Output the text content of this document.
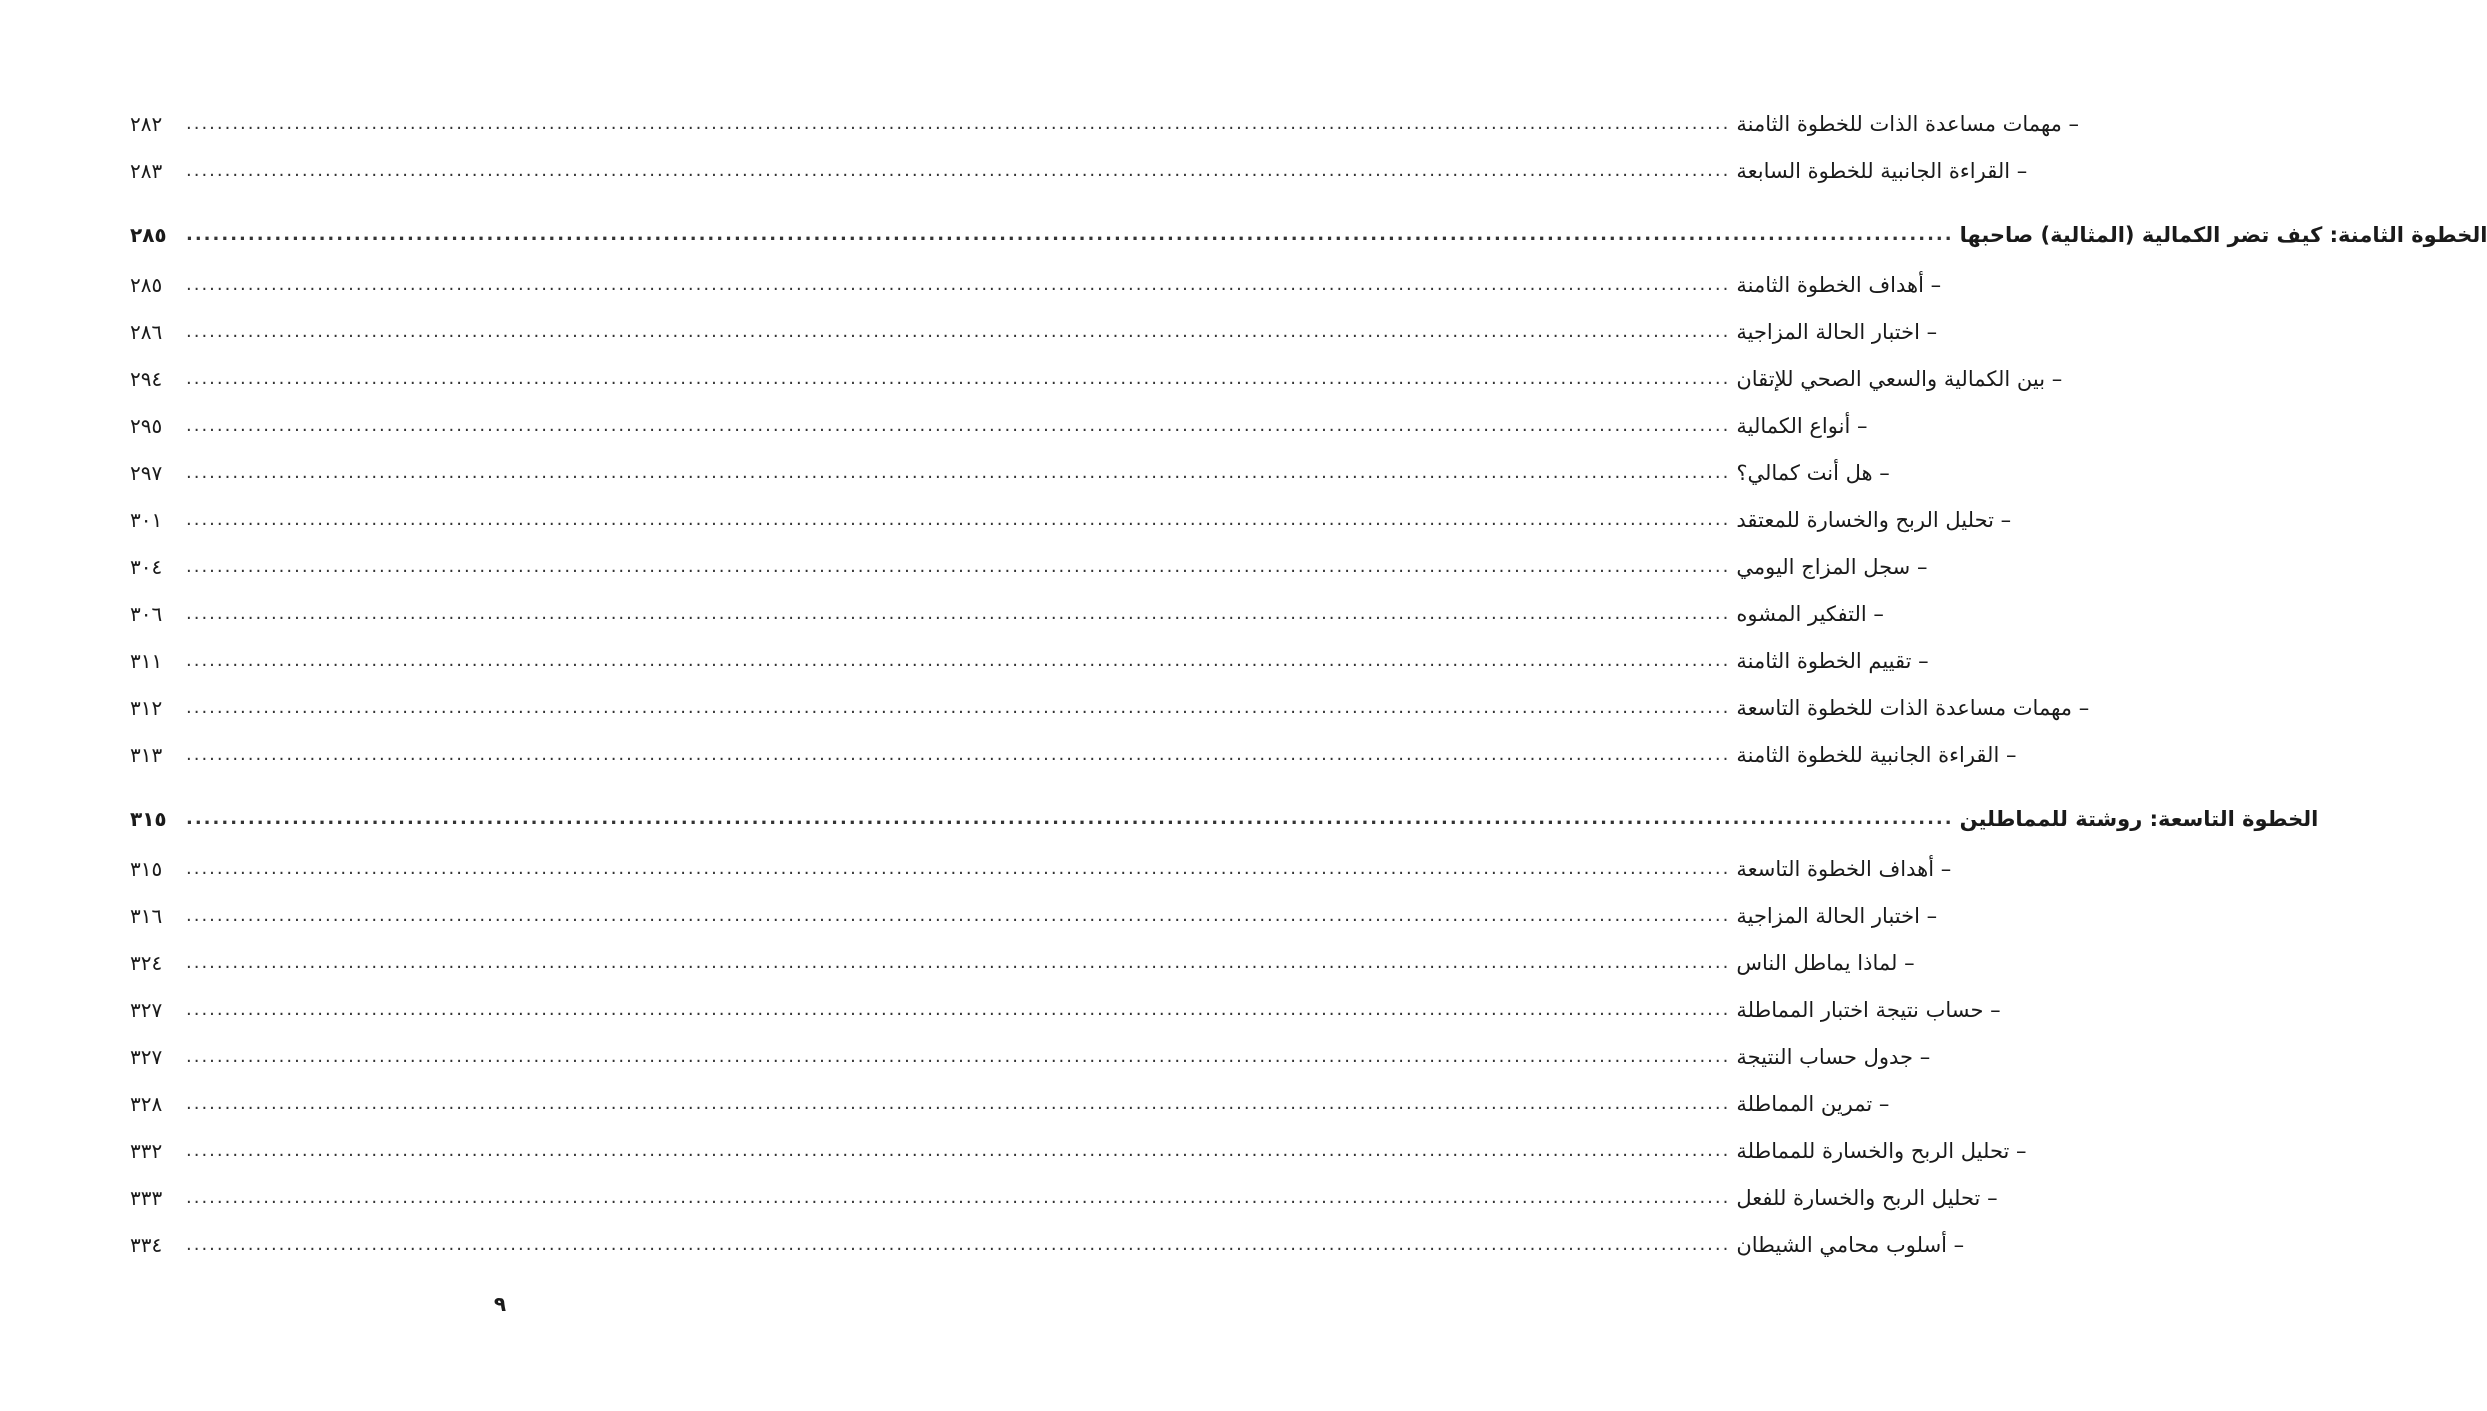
٢٨٢	........................................................................................................................................................................................................ – مهمات مساعدة الذات للخطوة الثامنة
٢٨٣	........................................................................................................................................................................................................ – القراءة الجانبية للخطوة السابعة
٢٨٥	........................................................................................................................................................................................................ الخطوة الثامنة: كيف تضر الكمالية (المثالية) صاحبها
٢٨٥	........................................................................................................................................................................................................ – أهداف الخطوة الثامنة
٢٨٦	........................................................................................................................................................................................................ – اختبار الحالة المزاجية
٢٩٤	........................................................................................................................................................................................................ – بين الكمالية والسعي الصحي للإتقان
٢٩٥	........................................................................................................................................................................................................ – أنواع الكمالية
٢٩٧	........................................................................................................................................................................................................ – هل أنت كمالي؟
٣٠١	........................................................................................................................................................................................................ – تحليل الربح والخسارة للمعتقد
٣٠٤	........................................................................................................................................................................................................ – سجل المزاج اليومي
٣٠٦	........................................................................................................................................................................................................ – التفكير المشوه
٣١١	........................................................................................................................................................................................................ – تقييم الخطوة الثامنة
٣١٢	........................................................................................................................................................................................................ – مهمات مساعدة الذات للخطوة التاسعة
٣١٣	........................................................................................................................................................................................................ – القراءة الجانبية للخطوة الثامنة
٣١٥	........................................................................................................................................................................................................ الخطوة التاسعة: روشتة للمماطلين
٣١٥	........................................................................................................................................................................................................ – أهداف الخطوة التاسعة
٣١٦	........................................................................................................................................................................................................ – اختبار الحالة المزاجية
٣٢٤	........................................................................................................................................................................................................ – لماذا يماطل الناس
٣٢٧	........................................................................................................................................................................................................ – حساب نتيجة اختبار المماطلة
٣٢٧	........................................................................................................................................................................................................ – جدول حساب النتيجة
٣٢٨	........................................................................................................................................................................................................ – تمرين المماطلة
٣٣٢	........................................................................................................................................................................................................ – تحليل الربح والخسارة للمماطلة
٣٣٣	........................................................................................................................................................................................................ – تحليل الربح والخسارة للفعل
٣٣٤	........................................................................................................................................................................................................ – أسلوب محامي الشيطان
٩
